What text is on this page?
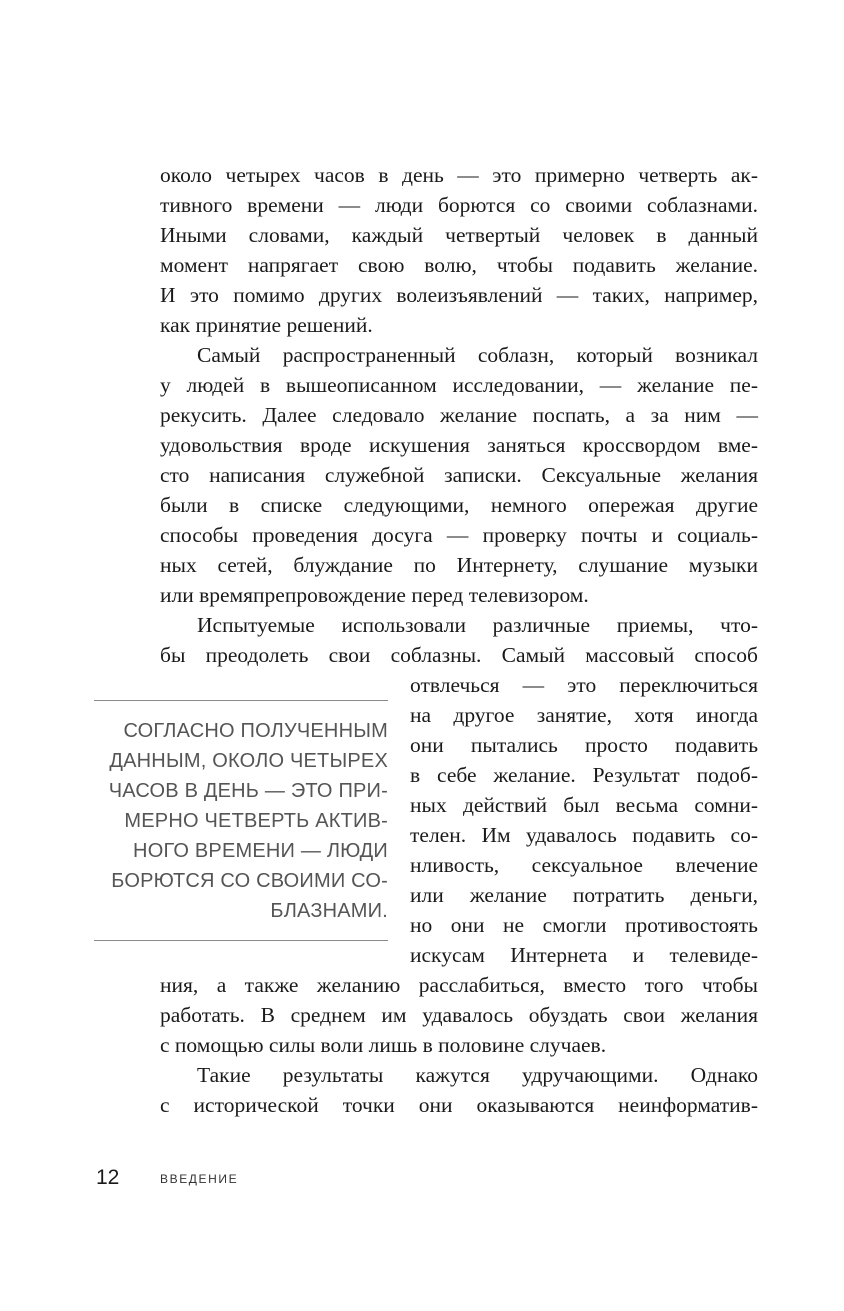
около четырех часов в день — это примерно четверть ак-
тивного времени — люди борются со своими соблазнами.
Иными словами, каждый четвертый человек в данный
момент напрягает свою волю, чтобы подавить желание.
И это помимо других волеизъявлений — таких, например,
как принятие решений.
Самый распространенный соблазн, который возникал
у людей в вышеописанном исследовании, — желание пе-
рекусить. Далее следовало желание поспать, а за ним —
удовольствия вроде искушения заняться кроссвордом вме-
сто написания служебной записки. Сексуальные желания
были в списке следующими, немного опережая другие
способы проведения досуга — проверку почты и социаль-
ных сетей, блуждание по Интернету, слушание музыки
или времяпрепровождение перед телевизором.
Испытуемые использовали различные приемы, что-
бы преодолеть свои соблазны. Самый массовый способ
отвлечься — это переключиться
на другое занятие, хотя иногда
они пытались просто подавить
в себе желание. Результат подоб-
ных действий был весьма сомни-
телен. Им удавалось подавить со-
нливость, сексуальное влечение
или желание потратить деньги,
но они не смогли противостоять
искусам Интернета и телевиде-
ния, а также желанию расслабиться, вместо того чтобы
работать. В среднем им удавалось обуздать свои желания
с помощью силы воли лишь в половине случаев.
Такие результаты кажутся удручающими. Однако
с исторической точки они оказываются неинформатив-
СОГЛАСНО ПОЛУЧЕННЫМ
ДАННЫМ, ОКОЛО ЧЕТЫРЕХ
ЧАСОВ В ДЕНЬ — ЭТО ПРИ-
МЕРНО ЧЕТВЕРТЬ АКТИВ-
НОГО ВРЕМЕНИ — ЛЮДИ
БОРЮТСЯ СО СВОИМИ СО-
БЛАЗНАМИ.
12	ВВЕДЕНИЕ
